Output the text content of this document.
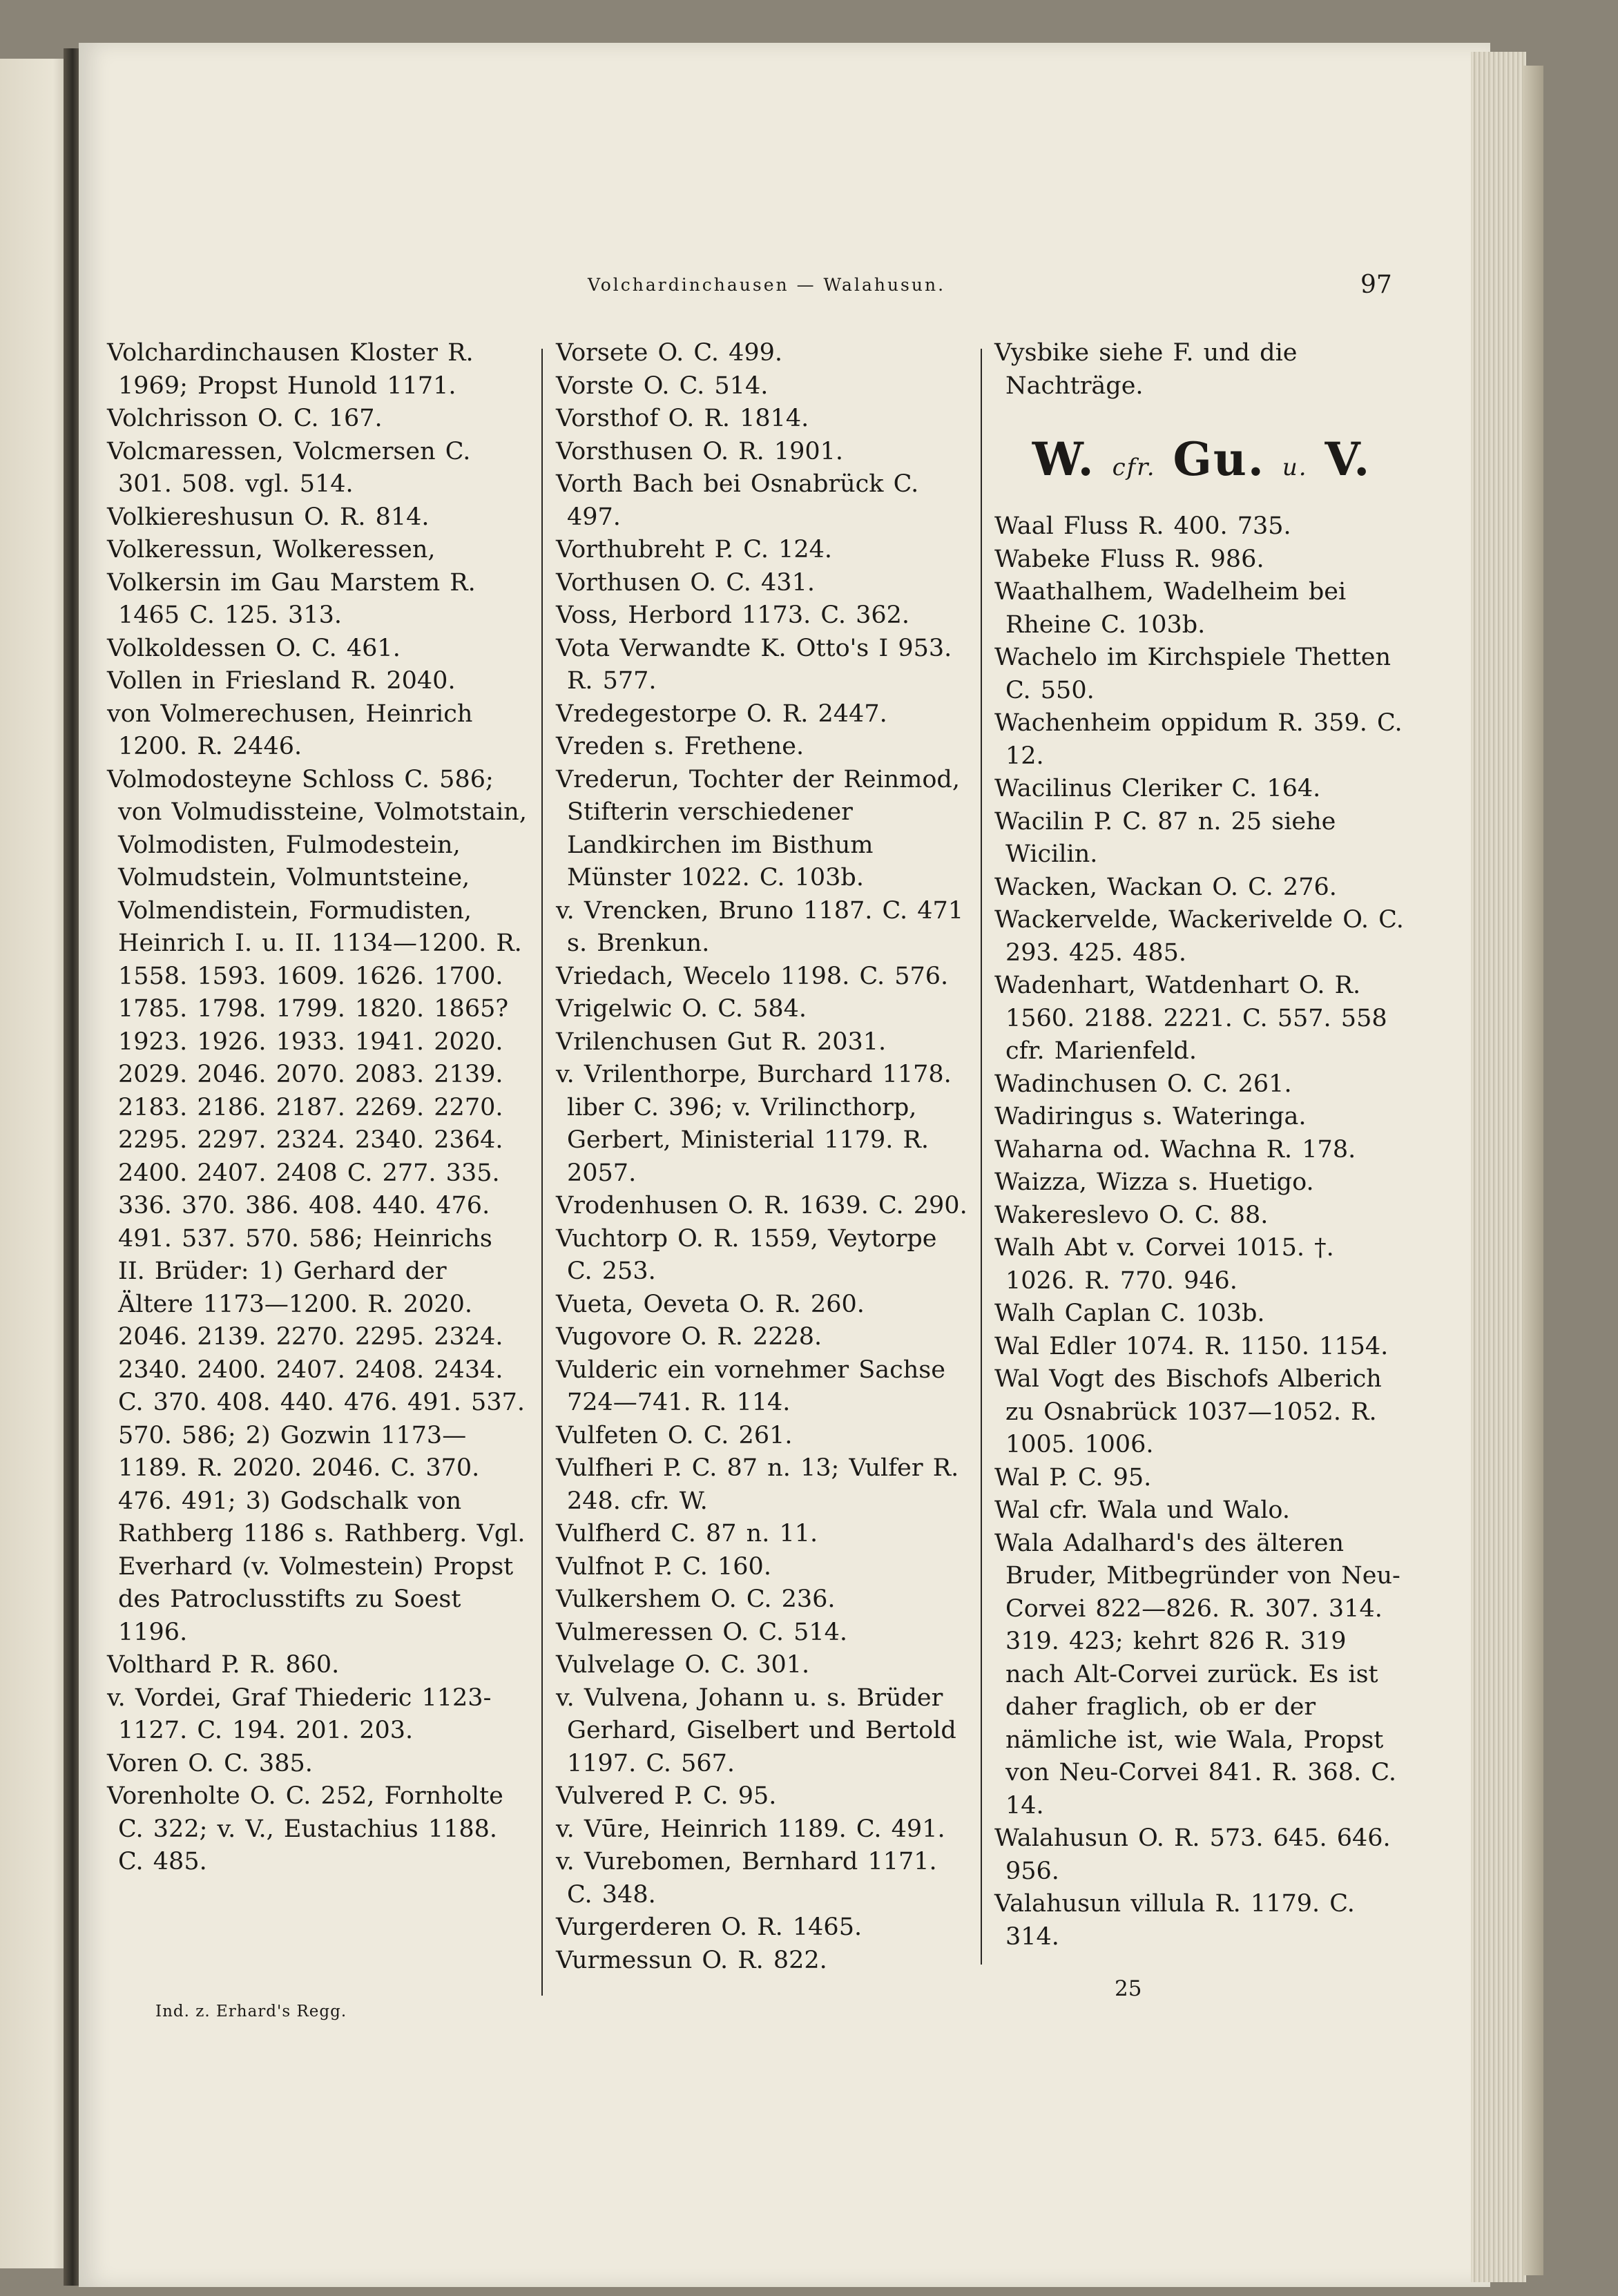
Volchardinchausen — Walahusun.	97

Volchardinchausen Kloster R. 1969; Propst Hunold 1171.

Volchrisson O. C. 167.

Volcmaressen, Volcmersen C. 301. 508. vgl. 514.

Volkiereshusun O. R. 814.

Volkeressun, Wolkeressen,

Volkersin im Gau Marstem R. 1465 C. 125. 313.

Volkoldessen O. C. 461.

Vollen in Friesland R. 2040.

von Volmerechusen, Heinrich 1200. R. 2446.

Volmodosteyne Schloss C. 586; von Volmudissteine, Volmotstain, Volmodisten, Fulmodestein, Volmudstein, Volmuntsteine, Volmendistein, Formudisten, Heinrich I. u. II. 1134—1200. R. 1558. 1593. 1609. 1626. 1700. 1785. 1798. 1799. 1820. 1865? 1923. 1926. 1933. 1941. 2020. 2029. 2046. 2070. 2083. 2139. 2183. 2186. 2187. 2269. 2270. 2295. 2297. 2324. 2340. 2364. 2400. 2407. 2408 C. 277. 335. 336. 370. 386. 408. 440. 476. 491. 537. 570. 586; Heinrichs II. Brüder: 1) Gerhard der Ältere 1173—1200. R. 2020. 2046. 2139. 2270. 2295. 2324. 2340. 2400. 2407. 2408. 2434. C. 370. 408. 440. 476. 491. 537. 570. 586; 2) Gozwin 1173—1189. R. 2020. 2046. C. 370. 476. 491; 3) Godschalk von Rathberg 1186 s. Rathberg. Vgl. Everhard (v. Volmestein) Propst des Patroclusstifts zu Soest 1196.

Volthard P. R. 860.

v. Vordei, Graf Thiederic 1123-1127. C. 194. 201. 203.

Voren O. C. 385.

Vorenholte O. C. 252, Fornholte C. 322; v. V., Eustachius 1188. C. 485.

Vorsete O. C. 499.

Vorste O. C. 514.

Vorsthof O. R. 1814.

Vorsthusen O. R. 1901.

Vorth Bach bei Osnabrück C. 497.

Vorthubreht P. C. 124.

Vorthusen O. C. 431.

Voss, Herbord 1173. C. 362.

Vota Verwandte K. Otto's I 953. R. 577.

Vredegestorpe O. R. 2447.

Vreden s. Frethene.

Vrederun, Tochter der Reinmod, Stifterin verschiedener Landkirchen im Bisthum Münster 1022. C. 103b.

v. Vrencken, Bruno 1187. C. 471 s. Brenkun.

Vriedach, Wecelo 1198. C. 576.

Vrigelwic O. C. 584.

Vrilenchusen Gut R. 2031.

v. Vrilenthorpe, Burchard 1178. liber C. 396; v. Vrilincthorp, Gerbert, Ministerial 1179. R. 2057.

Vrodenhusen O. R. 1639. C. 290.

Vuchtorp O. R. 1559, Veytorpe C. 253.

Vueta, Oeveta O. R. 260.

Vugovore O. R. 2228.

Vulderic ein vornehmer Sachse 724—741. R. 114.

Vulfeten O. C. 261.

Vulfheri P. C. 87 n. 13; Vulfer R. 248. cfr. W.

Vulfherd C. 87 n. 11.

Vulfnot P. C. 160.

Vulkershem O. C. 236.

Vulmeressen O. C. 514.

Vulvelage O. C. 301.

v. Vulvena, Johann u. s. Brüder Gerhard, Giselbert und Bertold 1197. C. 567.

Vulvered P. C. 95.

v. Vūre, Heinrich 1189. C. 491.

v. Vurebomen, Bernhard 1171. C. 348.

Vurgerderen O. R. 1465.

Vurmessun O. R. 822.

Vysbike siehe F. und die Nachträge.

W. cfr. Gu. u. V.

Waal Fluss R. 400. 735.

Wabeke Fluss R. 986.

Waathalhem, Wadelheim bei Rheine C. 103b.

Wachelo im Kirchspiele Thetten C. 550.

Wachenheim oppidum R. 359. C. 12.

Wacilinus Cleriker C. 164.

Wacilin P. C. 87 n. 25 siehe Wicilin.

Wacken, Wackan O. C. 276.

Wackervelde, Wackerivelde O. C. 293. 425. 485.

Wadenhart, Watdenhart O. R. 1560. 2188. 2221. C. 557. 558 cfr. Marienfeld.

Wadinchusen O. C. 261.

Wadiringus s. Wateringa.

Waharna od. Wachna R. 178.

Waizza, Wizza s. Huetigo.

Wakereslevo O. C. 88.

Walh Abt v. Corvei 1015. †. 1026. R. 770. 946.

Walh Caplan C. 103b.

Wal Edler 1074. R. 1150. 1154.

Wal Vogt des Bischofs Alberich zu Osnabrück 1037—1052. R. 1005. 1006.

Wal P. C. 95.

Wal cfr. Wala und Walo.

Wala Adalhard's des älteren Bruder, Mitbegründer von Neu-Corvei 822—826. R. 307. 314. 319. 423; kehrt 826 R. 319 nach Alt-Corvei zurück. Es ist daher fraglich, ob er der nämliche ist, wie Wala, Propst von Neu-Corvei 841. R. 368. C. 14.

Walahusun O. R. 573. 645. 646. 956.

Valahusun villula R. 1179. C. 314.

Ind. z. Erhard's Regg.
25
